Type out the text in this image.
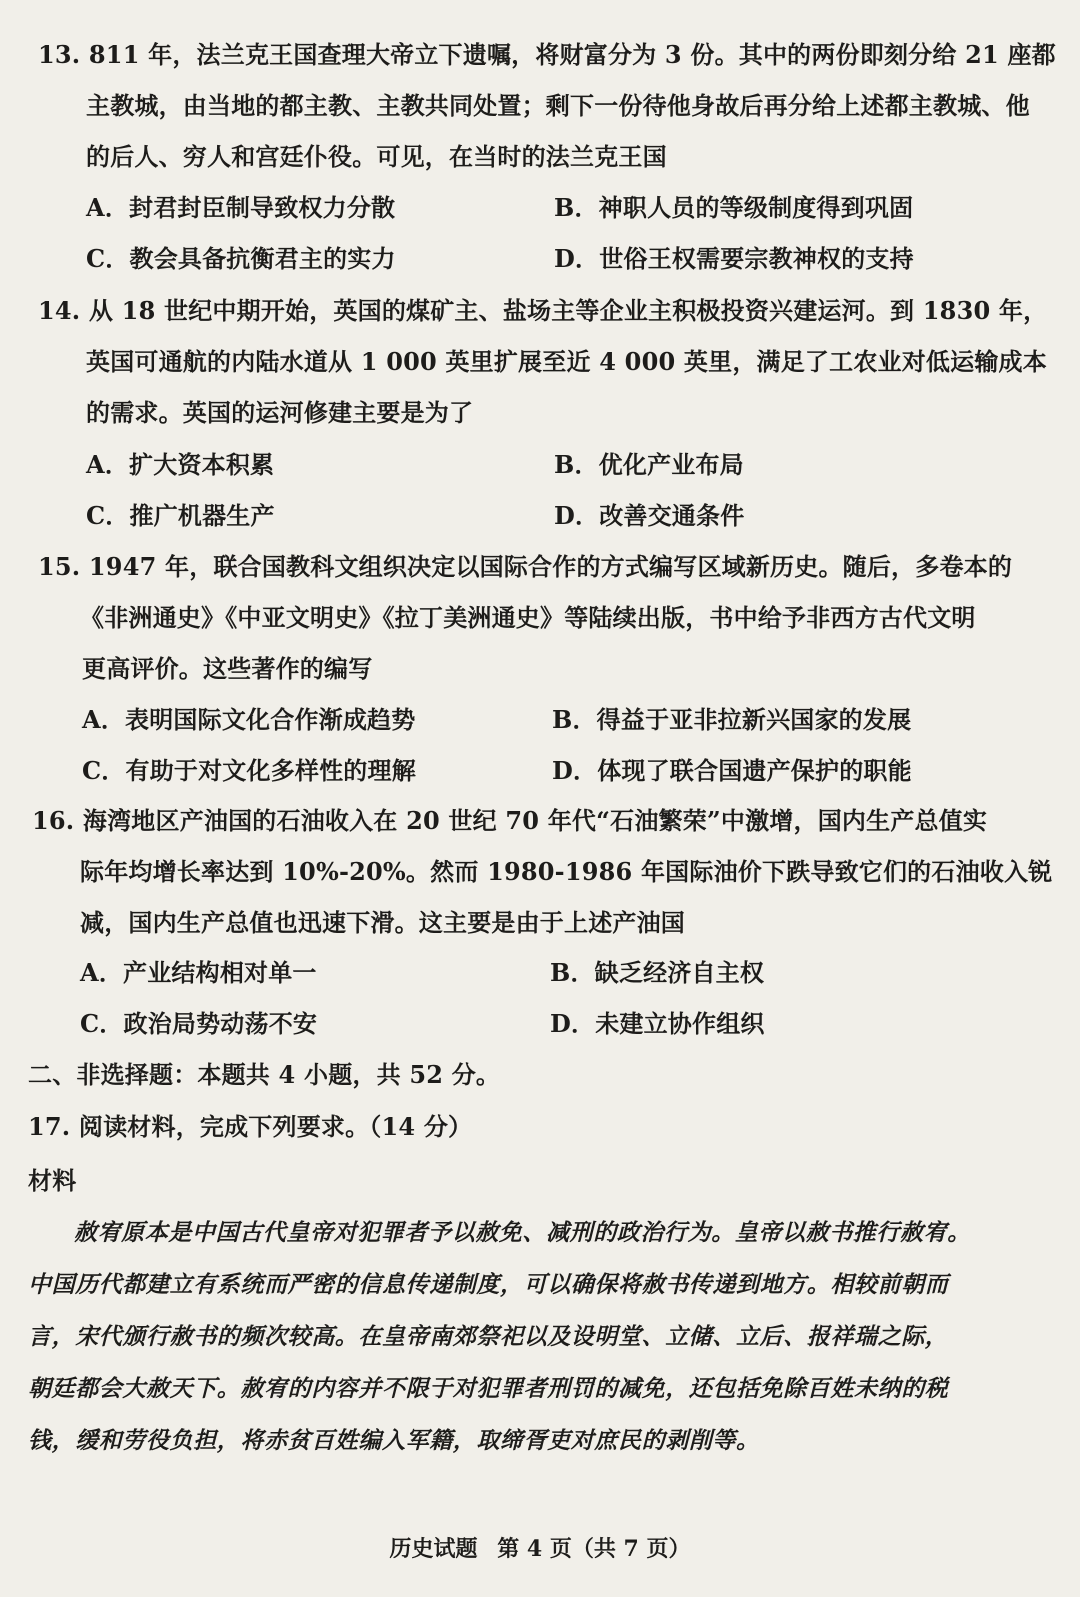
13. 811 年，法兰克王国查理大帝立下遗嘱，将财富分为 3 份。其中的两份即刻分给 21 座都
主教城，由当地的都主教、主教共同处置；剩下一份待他身故后再分给上述都主教城、他
的后人、穷人和宫廷仆役。可见，在当时的法兰克王国
A．封君封臣制导致权力分散	B．神职人员的等级制度得到巩固
C．教会具备抗衡君主的实力	D．世俗王权需要宗教神权的支持
14. 从 18 世纪中期开始，英国的煤矿主、盐场主等企业主积极投资兴建运河。到 1830 年，
英国可通航的内陆水道从 1 000 英里扩展至近 4 000 英里，满足了工农业对低运输成本
的需求。英国的运河修建主要是为了
A．扩大资本积累	B．优化产业布局
C．推广机器生产	D．改善交通条件
15. 1947 年，联合国教科文组织决定以国际合作的方式编写区域新历史。随后，多卷本的
《非洲通史》《中亚文明史》《拉丁美洲通史》等陆续出版，书中给予非西方古代文明
更高评价。这些著作的编写
A．表明国际文化合作渐成趋势	B．得益于亚非拉新兴国家的发展
C．有助于对文化多样性的理解	D．体现了联合国遗产保护的职能
16. 海湾地区产油国的石油收入在 20 世纪 70 年代“石油繁荣”中激增，国内生产总值实
际年均增长率达到 10%-20%。然而 1980-1986 年国际油价下跌导致它们的石油收入锐
减，国内生产总值也迅速下滑。这主要是由于上述产油国
A．产业结构相对单一	B．缺乏经济自主权
C．政治局势动荡不安	D．未建立协作组织
二、非选择题：本题共 4 小题，共 52 分。
17. 阅读材料，完成下列要求。（14 分）
材料
赦宥原本是中国古代皇帝对犯罪者予以赦免、减刑的政治行为。皇帝以赦书推行赦宥。
中国历代都建立有系统而严密的信息传递制度，可以确保将赦书传递到地方。相较前朝而
言，宋代颁行赦书的频次较高。在皇帝南郊祭祀以及设明堂、立储、立后、报祥瑞之际，
朝廷都会大赦天下。赦宥的内容并不限于对犯罪者刑罚的减免，还包括免除百姓未纳的税
钱，缓和劳役负担，将赤贫百姓编入军籍，取缔胥吏对庶民的剥削等。
历史试题 第 4 页（共 7 页）
